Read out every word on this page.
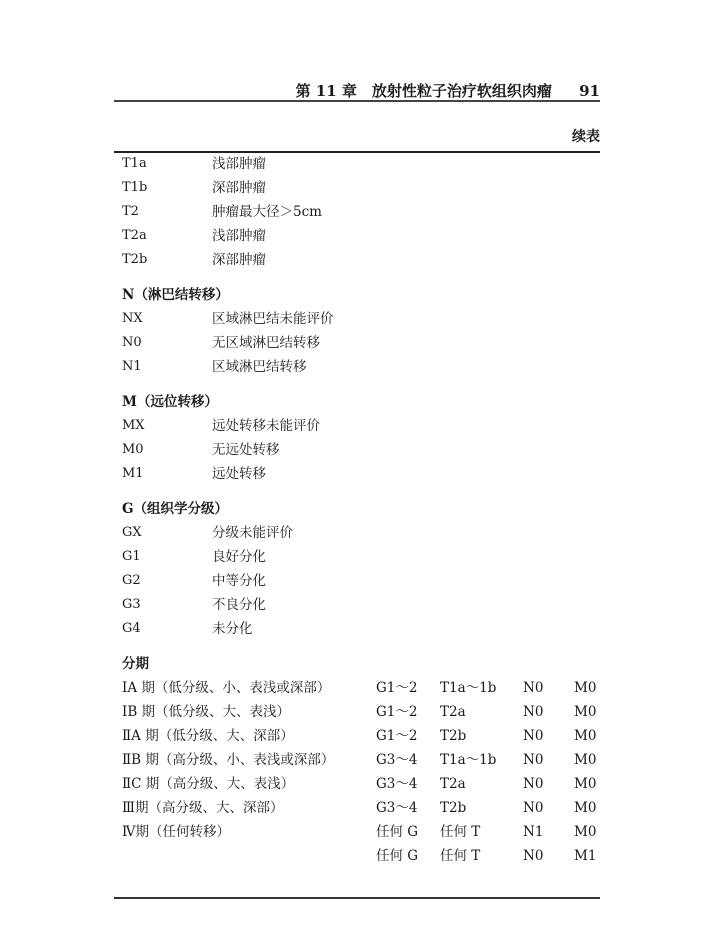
第 11 章　放射性粒子治疗软组织肉瘤 91
续表
T1a	浅部肿瘤
T1b	深部肿瘤
T2	肿瘤最大径＞5cm
T2a	浅部肿瘤
T2b	深部肿瘤
N（淋巴结转移）
NX	区域淋巴结未能评价
N0	无区域淋巴结转移
N1	区域淋巴结转移
M（远位转移）
MX	远处转移未能评价
M0	无远处转移
M1	远处转移
G（组织学分级）
GX	分级未能评价
G1	良好分化
G2	中等分化
G3	不良分化
G4	未分化
分期
ⅠA 期（低分级、小、表浅或深部）	G1～2 T1a～1b N0 M0
ⅠB 期（低分级、大、表浅）	G1～2 T2a	N0 M0
ⅡA 期（低分级、大、深部）	G1～2 T2b	N0 M0
ⅡB 期（高分级、小、表浅或深部）	G3～4 T1a～1b N0 M0
ⅡC 期（高分级、大、表浅）	G3～4 T2a	N0 M0
Ⅲ期（高分级、大、深部）	G3～4 T2b	N0 M0
Ⅳ期（任何转移）	任何 G 任何 T	N1 M0
任何 G 任何 T	N0 M1
